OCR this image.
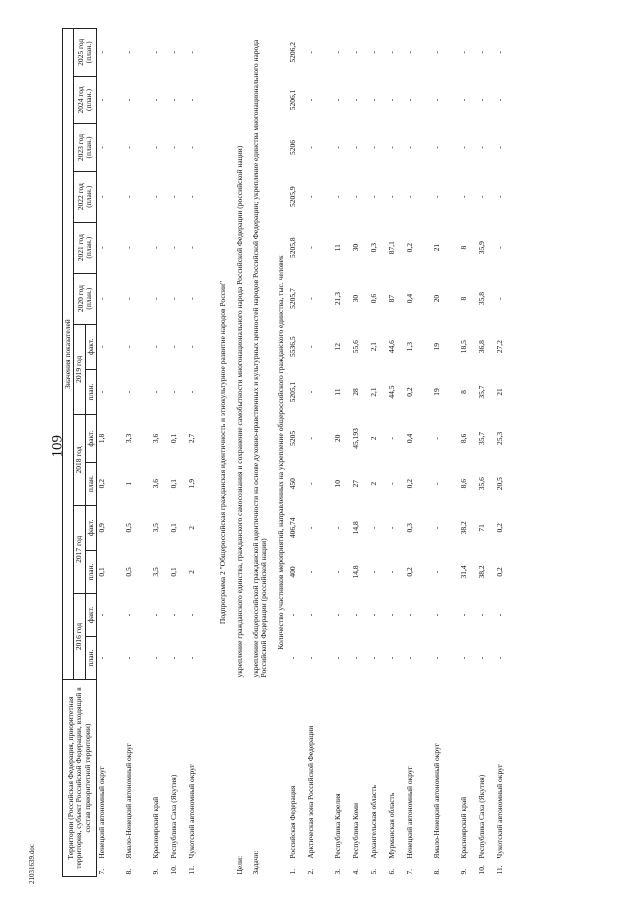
109
21031639.doc
Территории (Российская Федерация, приоритетная территория, субъект Российской Федерации, входящий в состав приоритетной территории)		Значения показателей													
		2016 год		2017 год		2018 год		2019 год		2020 год (план.)	2021 год (план.)	2022 год (план.)	2023 год (план.)	2024 год (план.)	2025 год (план.)
		план.	факт.	план.	факт.	план.	факт.	план.	факт.						
7.	Ненецкий автономный округ	-	-	0,1	0,9	0,2	1,8	-	-	-	-	-	-	-	-
8.	Ямало-Ненецкий автономный округ	-	-	0,5	0,5	1	3,3	-	-	-	-	-	-	-	-
9.	Красноярский край	-	-	3,5	3,5	3,6	3,6	-	-	-	-	-	-	-	-
10.	Республика Саха (Якутия)	-	-	0,1	0,1	0,1	0,1	-	-	-	-	-	-	-	-
11.	Чукотский автономный округ	-	-	2	2	1,9	2,7	-	-	-	-	-	-	-	-
Подпрограмма 2 "Общероссийская гражданская идентичность и этнокультурное развитие народов России"															
Цели:		укрепление гражданского единства, гражданского самосознания и сохранение самобытности многонационального народа Российской Федерации (российской нации)													
Задачи:		укрепление общероссийской гражданской идентичности на основе духовно-нравственных и культурных ценностей народов Российской Федерации; укрепление единства многонационального народа Российской Федерации (российской нации)													
Количество участников мероприятий, направленных на укрепление общероссийского гражданского единства, тыс. человек															
1.	Российская Федерация	-	-	400	406,74	450	5205	5205,1	5536,5	5205,7	5205,8	5205,9	5206	5206,1	5206,2
2.	Арктическая зона Российской Федерации	-	-	-	-	-	-	-	-	-	-	-	-	-	-
3.	Республика Карелия	-	-	-	-	10	20	11	12	21,3	11	-	-	-	-
4.	Республика Коми	-	-	14,8	14,8	27	45,193	28	55,6	30	30	-	-	-	-
5.	Архангельская область	-	-	-	-	2	2	2,1	2,1	0,6	0,3	-	-	-	-
6.	Мурманская область	-	-	-	-	-	-	44,5	44,6	87	87,1	-	-	-	-
7.	Ненецкий автономный округ	-	-	0,2	0,3	0,2	0,4	0,2	1,3	0,4	0,2	-	-	-	-
8.	Ямало-Ненецкий автономный округ	-	-	-	-	-	-	19	19	20	21	-	-	-	-
9.	Красноярский край	-	-	31,4	38,2	8,6	8,6	8	18,5	8	8	-	-	-	-
10.	Республика Саха (Якутия)	-	-	38,2	71	35,6	35,7	35,7	36,8	35,8	35,9	-	-	-	-
11.	Чукотский автономный округ	-	-	0,2	0,2	20,5	25,3	21	27,2	-	-	-	-	-	-
